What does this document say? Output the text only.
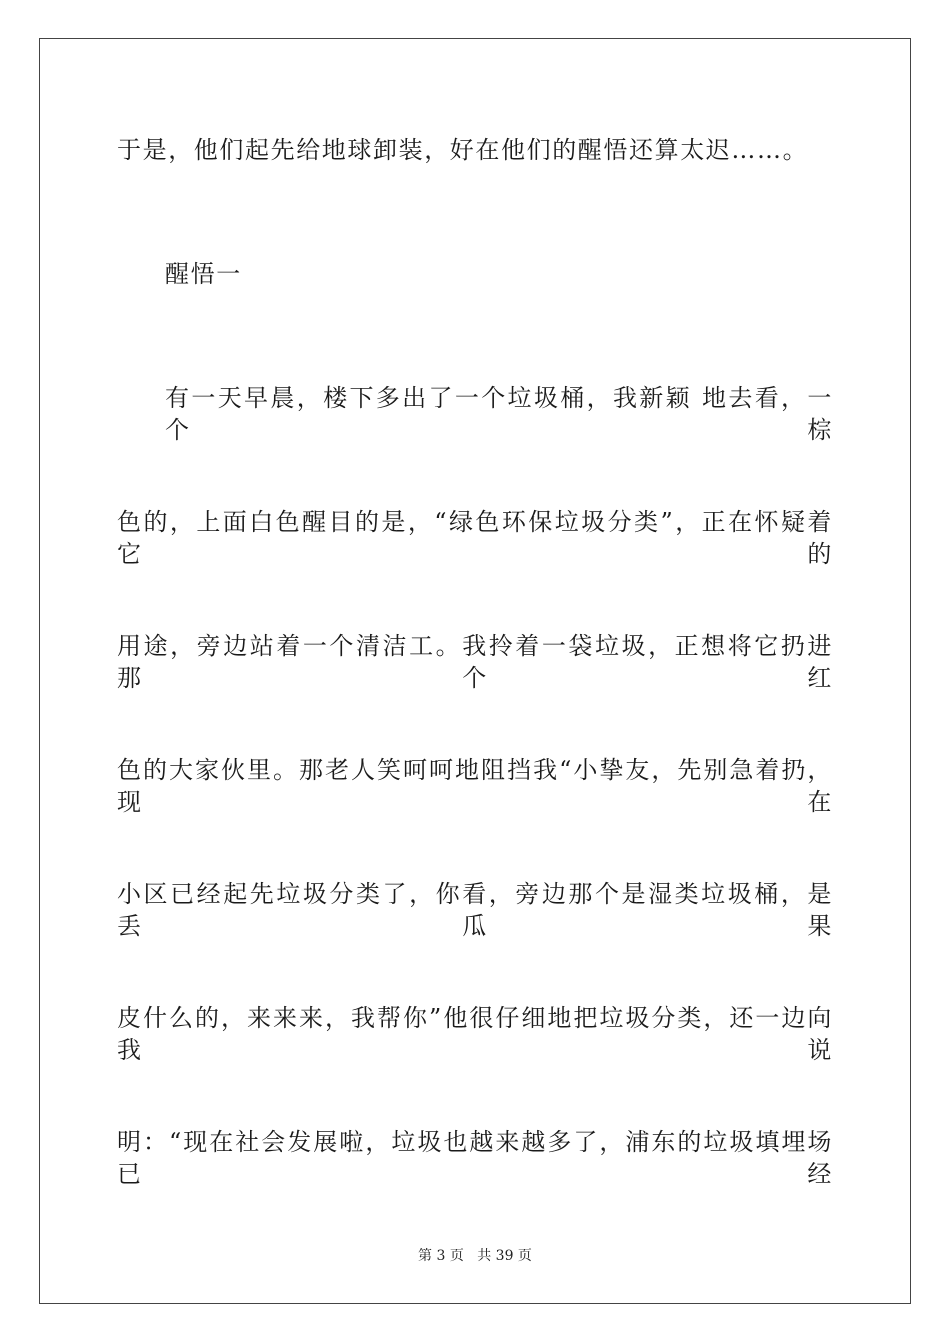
于是，他们起先给地球卸装，好在他们的醒悟还算太迟……。
醒悟一
有一天早晨，楼下多出了一个垃圾桶，我新颖 地去看，一个棕
色的，上面白色醒目的是，“绿色环保垃圾分类”，正在怀疑着它的
用途，旁边站着一个清洁工。我拎着一袋垃圾，正想将它扔进那个红
色的大家伙里。那老人笑呵呵地阻挡我“小挚友，先别急着扔，现在
小区已经起先垃圾分类了，你看，旁边那个是湿类垃圾桶，是丢瓜果
皮什么的，来来来，我帮你”他很仔细地把垃圾分类，还一边向我说
明：“现在社会发展啦，垃圾也越来越多了，浦东的垃圾填埋场已经
第 3 页 共 39 页
